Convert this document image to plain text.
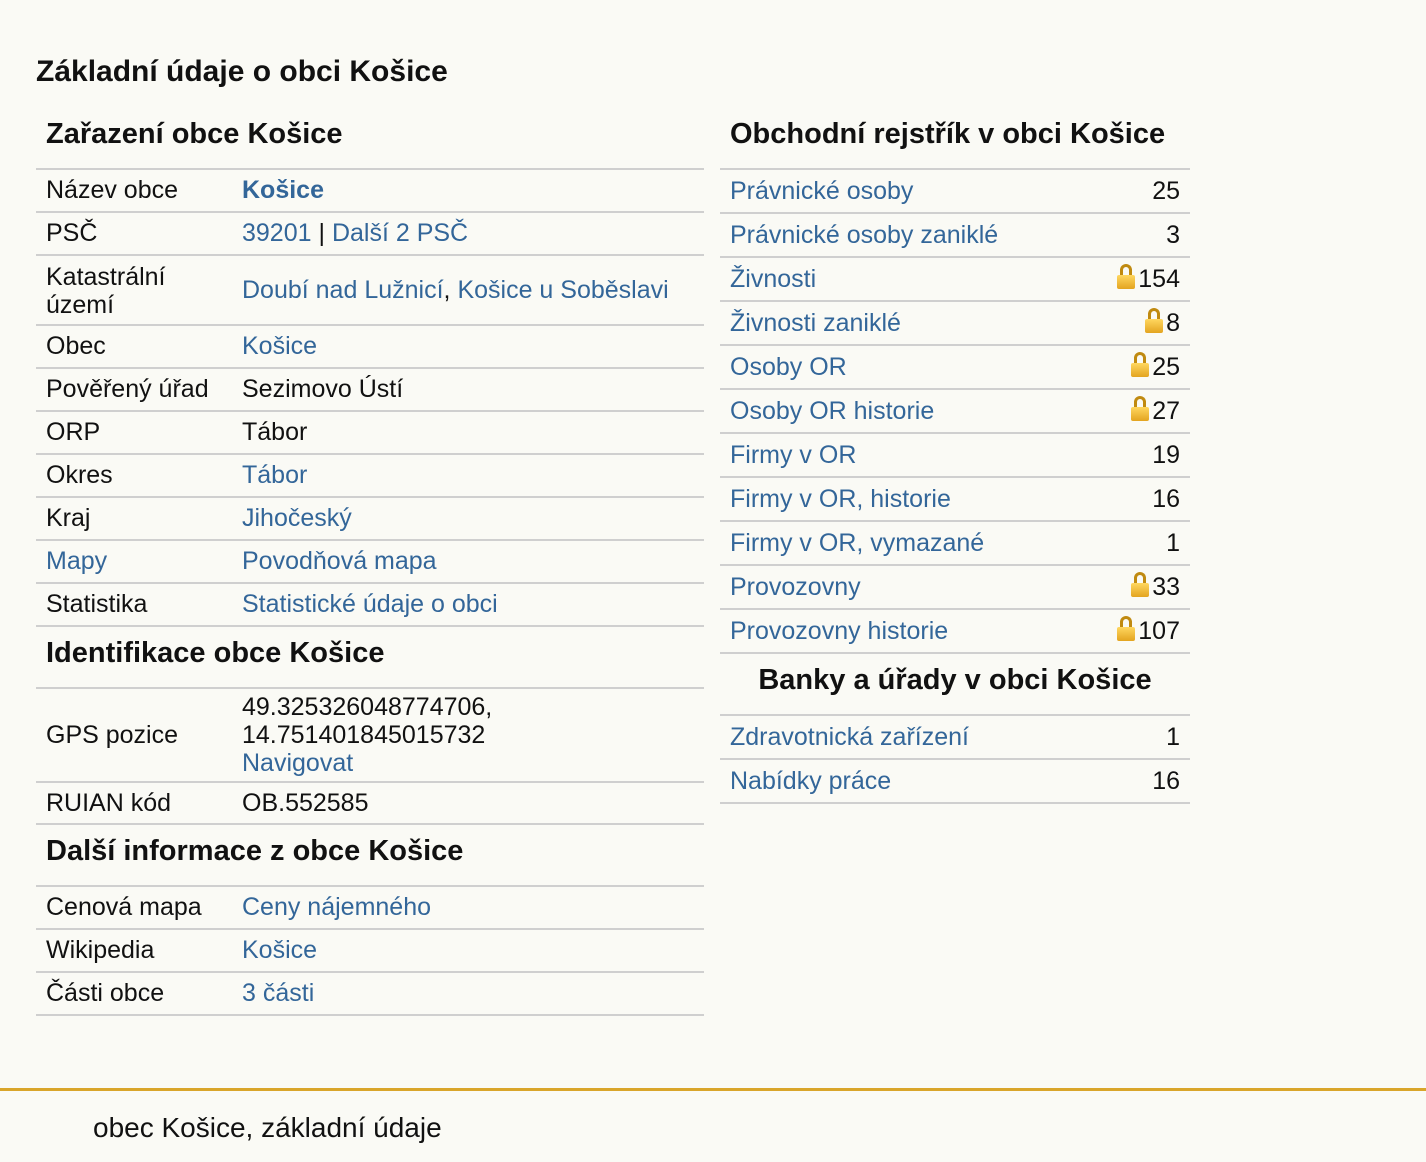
Základní údaje o obci Košice
Zařazení obce Košice
Název obce	Košice
PSČ	39201 | Další 2 PSČ
Katastrální území	Doubí nad Lužnicí, Košice u Soběslavi
Obec	Košice
Pověřený úřad	Sezimovo Ústí
ORP	Tábor
Okres	Tábor
Kraj	Jihočeský
Mapy	Povodňová mapa
Statistika	Statistické údaje o obci
Identifikace obce Košice
GPS pozice	49.325326048774706,
14.751401845015732
Navigovat
RUIAN kód	OB.552585
Další informace z obce Košice
Cenová mapa	Ceny nájemného
Wikipedia	Košice
Části obce	3 části
Obchodní rejstřík v obci Košice
Právnické osoby	25
Právnické osoby zaniklé	3
Živnosti	154
Živnosti zaniklé	8
Osoby OR	25
Osoby OR historie	27
Firmy v OR	19
Firmy v OR, historie	16
Firmy v OR, vymazané	1
Provozovny	33
Provozovny historie	107
Banky a úřady v obci Košice
Zdravotnická zařízení	1
Nabídky práce	16
obec Košice, základní údaje
